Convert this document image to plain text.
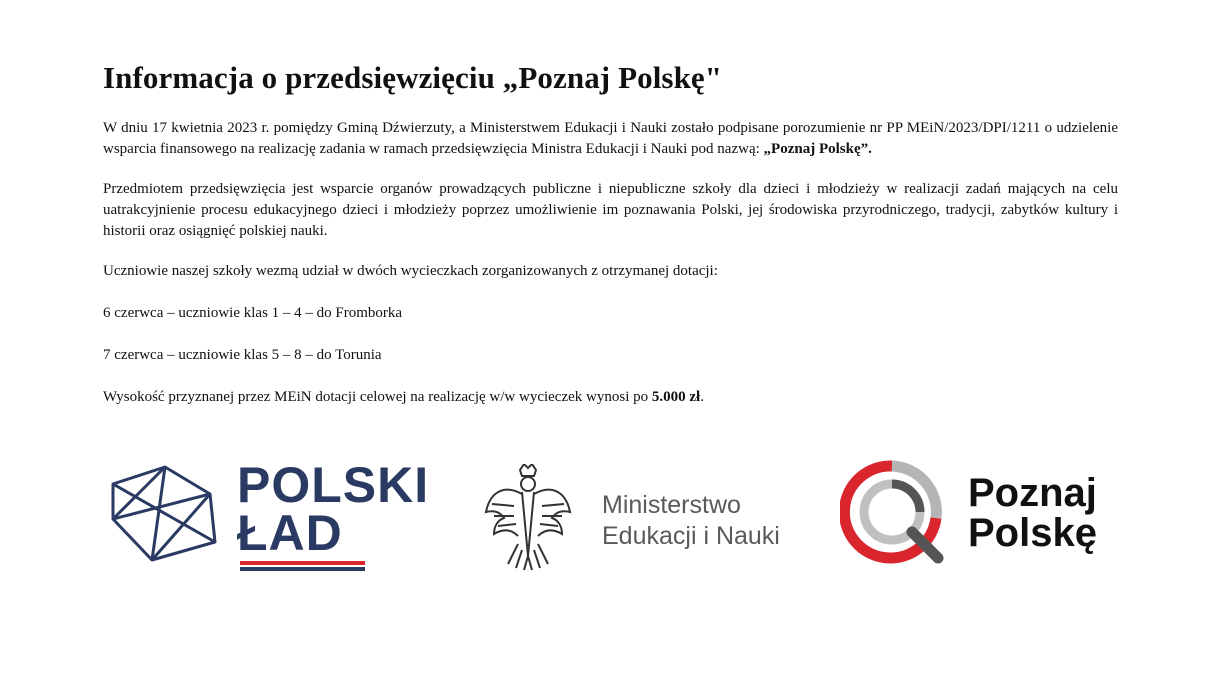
Informacja o przedsięwzięciu „Poznaj Polskę"

W dniu 17 kwietnia 2023 r. pomiędzy Gminą Dźwierzuty, a Ministerstwem Edukacji i Nauki zostało podpisane porozumienie nr PP MEiN/2023/DPI/1211 o udzielenie wsparcia finansowego na realizację zadania w ramach przedsięwzięcia Ministra Edukacji i Nauki pod nazwą: „Poznaj Polskę”.

Przedmiotem przedsięwzięcia jest wsparcie organów prowadzących publiczne i niepubliczne szkoły dla dzieci i młodzieży w realizacji zadań mających na celu uatrakcyjnienie procesu edukacyjnego dzieci i młodzieży poprzez umożliwienie im poznawania Polski, jej środowiska przyrodniczego, tradycji, zabytków kultury i historii oraz osiągnięć polskiej nauki.

Uczniowie naszej szkoły wezmą udział w dwóch wycieczkach zorganizowanych z otrzymanej dotacji:

6 czerwca – uczniowie klas 1 – 4 – do Fromborka

7 czerwca – uczniowie klas 5 – 8 – do Torunia

Wysokość przyznanej przez MEiN dotacji celowej na realizację w/w wycieczek wynosi po 5.000 zł.

POLSKI
ŁAD	Ministerstwo
Edukacji i Nauki
Poznaj
Polskę
